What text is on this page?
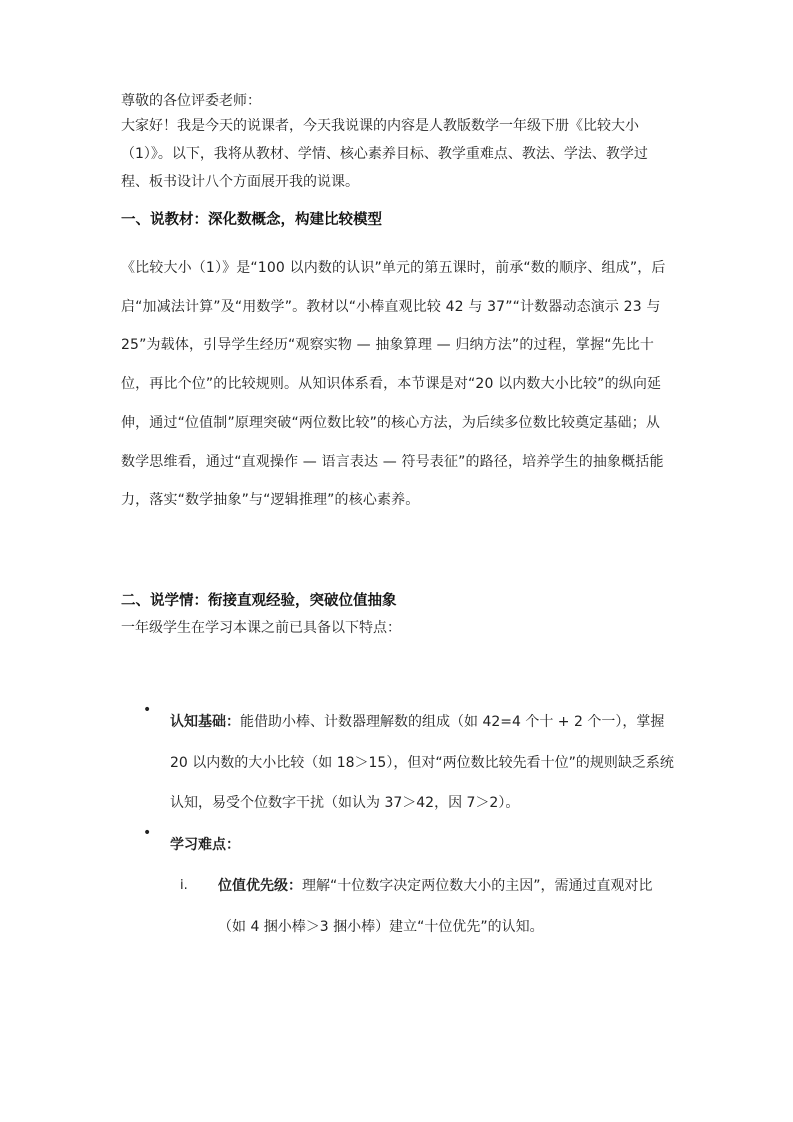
尊敬的各位评委老师：

大家好！我是今天的说课者，今天我说课的内容是人教版数学一年级下册《比较大小（1）》。以下，我将从教材、学情、核心素养目标、教学重难点、教法、学法、教学过程、板书设计八个方面展开我的说课。

一、说教材：深化数概念，构建比较模型

《比较大小（1）》是“100 以内数的认识”单元的第五课时，前承“数的顺序、组成”，后启“加减法计算”及“用数学”。教材以“小棒直观比较 42 与 37”“计数器动态演示 23 与 25”为载体，引导学生经历“观察实物 — 抽象算理 — 归纳方法”的过程，掌握“先比十位，再比个位”的比较规则。从知识体系看，本节课是对“20 以内数大小比较”的纵向延伸，通过“位值制”原理突破“两位数比较”的核心方法，为后续多位数比较奠定基础；从数学思维看，通过“直观操作 — 语言表达 — 符号表征”的路径，培养学生的抽象概括能力，落实“数学抽象”与“逻辑推理”的核心素养。

二、说学情：衔接直观经验，突破位值抽象

一年级学生在学习本课之前已具备以下特点：

•
认知基础：能借助小棒、计数器理解数的组成（如 42=4 个十 + 2 个一），掌握 20 以内数的大小比较（如 18＞15），但对“两位数比较先看十位”的规则缺乏系统认知，易受个位数字干扰（如认为 37＞42，因 7＞2）。
•
学习难点：
i. 位值优先级：理解“十位数字决定两位数大小的主因”，需通过直观对比（如 4 捆小棒＞3 捆小棒）建立“十位优先”的认知。
